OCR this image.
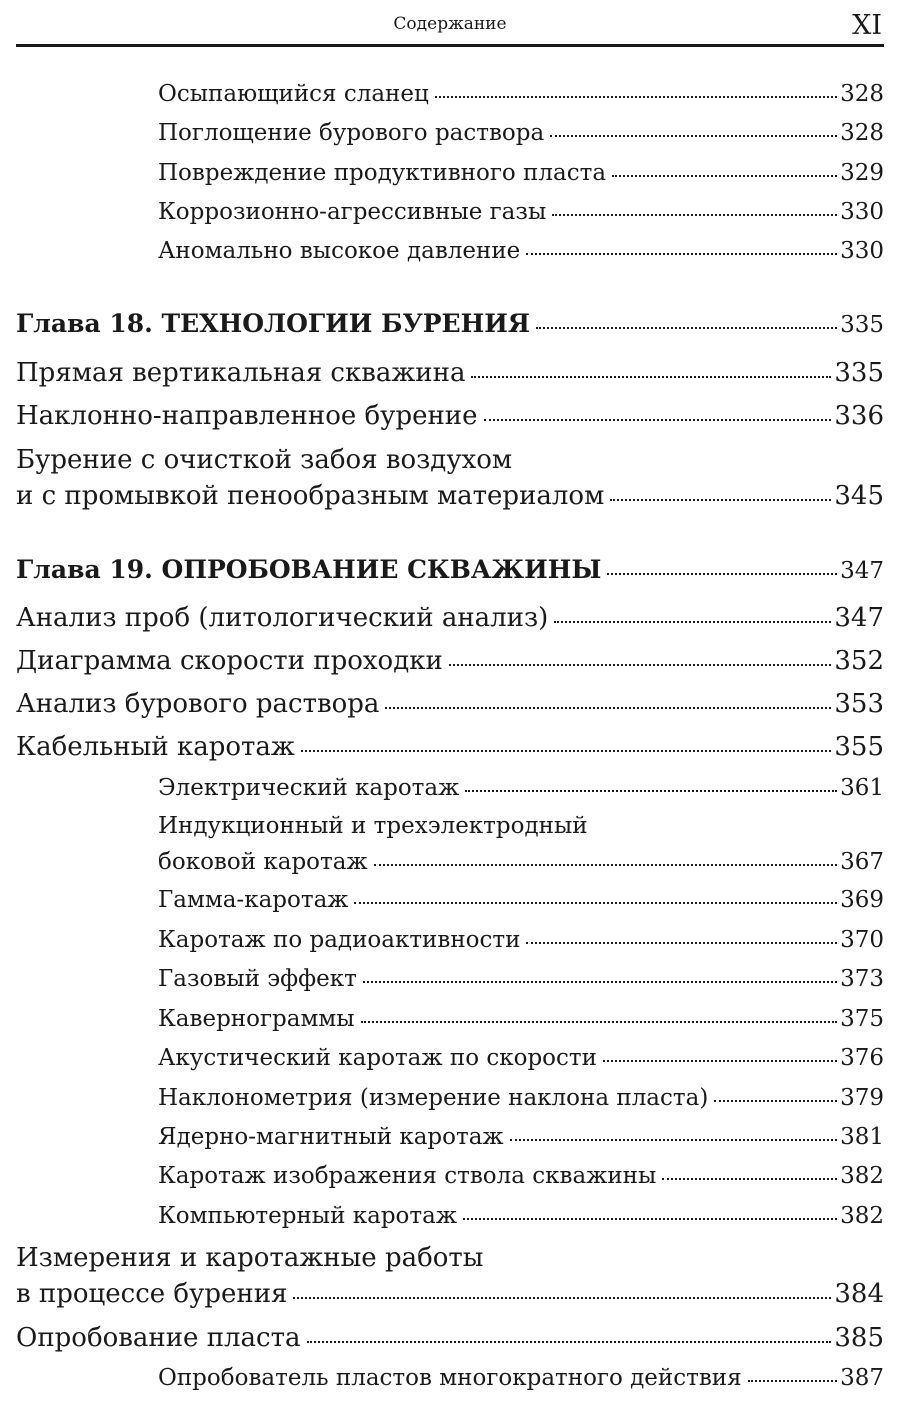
Содержание	XI
Осыпающийся сланец	328
Поглощение бурового раствора	328
Повреждение продуктивного пласта	329
Коррозионно-агрессивные газы	330
Аномально высокое давление	330
Глава 18. ТЕХНОЛОГИИ БУРЕНИЯ	335
Прямая вертикальная скважина	335
Наклонно-направленное бурение	336
Бурение с очисткой забоя воздухом
и с промывкой пенообразным материалом	345
Глава 19. ОПРОБОВАНИЕ СКВАЖИНЫ	347
Анализ проб (литологический анализ)	347
Диаграмма скорости проходки	352
Анализ бурового раствора	353
Кабельный каротаж	355
Электрический каротаж	361
Индукционный и трехэлектродный
боковой каротаж	367
Гамма-каротаж	369
Каротаж по радиоактивности	370
Газовый эффект	373
Кавернограммы	375
Акустический каротаж по скорости	376
Наклонометрия (измерение наклона пласта)	379
Ядерно-магнитный каротаж	381
Каротаж изображения ствола скважины	382
Компьютерный каротаж	382
Измерения и каротажные работы
в процессе бурения	384
Опробование пласта	385
Опробователь пластов многократного действия	387
